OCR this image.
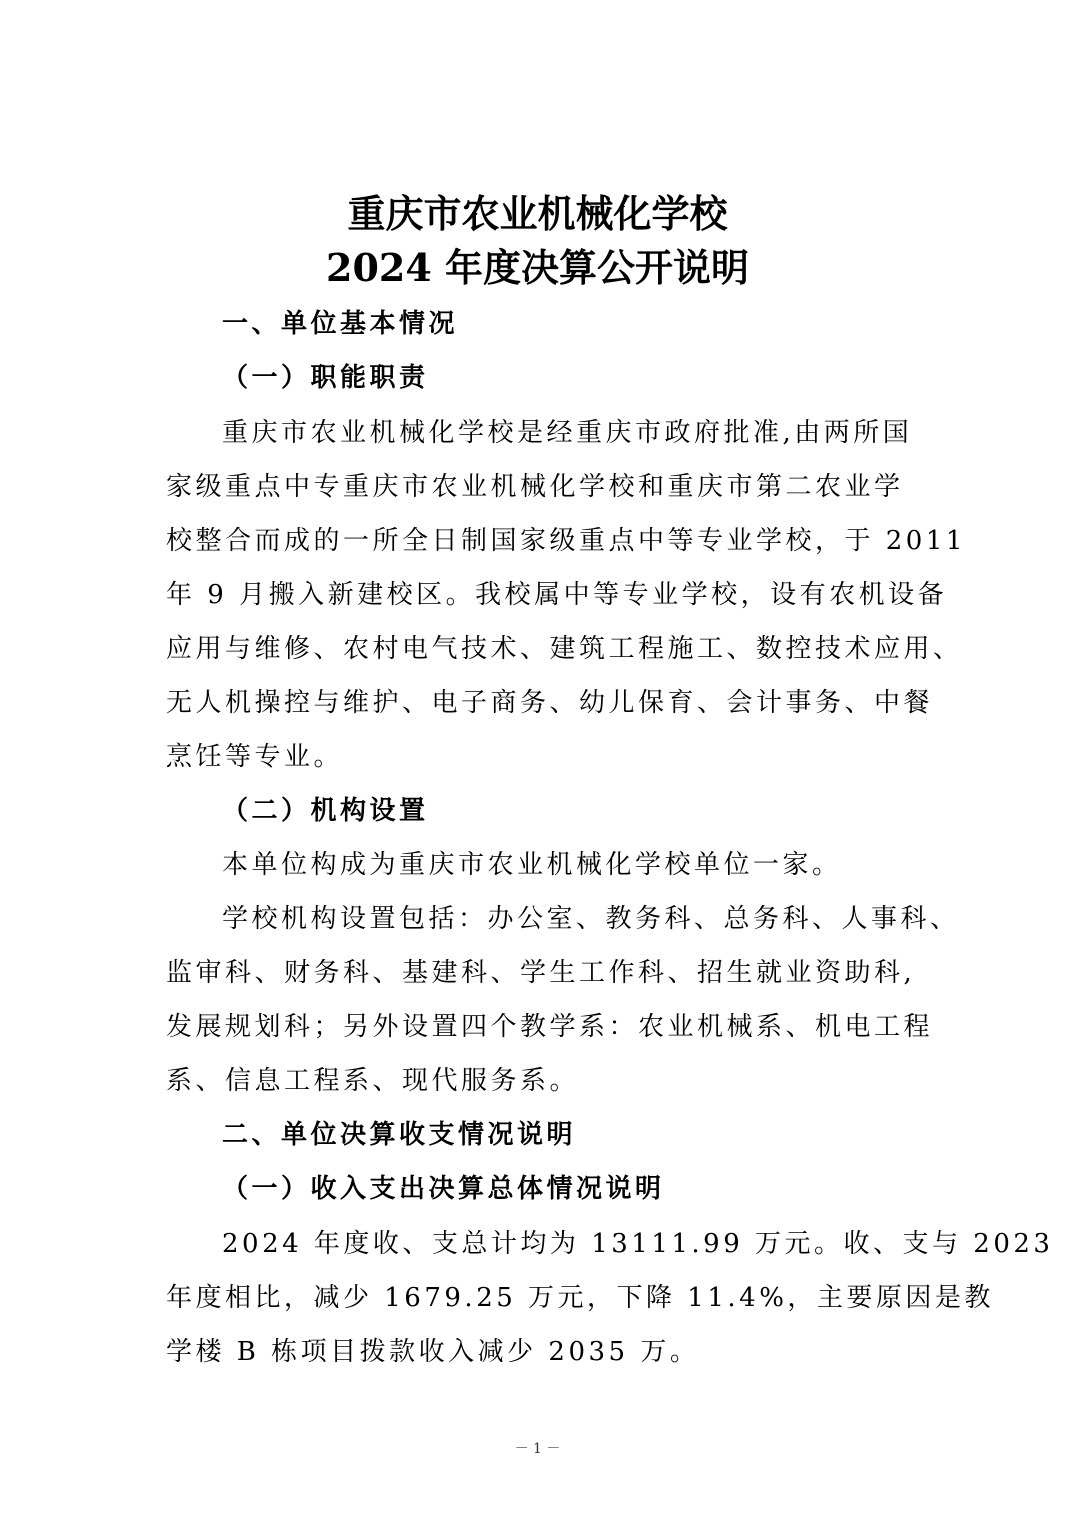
重庆市农业机械化学校
2024 年度决算公开说明
一、单位基本情况
（一）职能职责
重庆市农业机械化学校是经重庆市政府批准,由两所国
家级重点中专重庆市农业机械化学校和重庆市第二农业学
校整合而成的一所全日制国家级重点中等专业学校，于 2011
年 9 月搬入新建校区。我校属中等专业学校，设有农机设备
应用与维修、农村电气技术、建筑工程施工、数控技术应用、
无人机操控与维护、电子商务、幼儿保育、会计事务、中餐
烹饪等专业。
（二）机构设置
本单位构成为重庆市农业机械化学校单位一家。
学校机构设置包括：办公室、教务科、总务科、人事科、
监审科、财务科、基建科、学生工作科、招生就业资助科,
发展规划科；另外设置四个教学系：农业机械系、机电工程
系、信息工程系、现代服务系。
二、单位决算收支情况说明
（一）收入支出决算总体情况说明
2024 年度收、支总计均为 13111.99 万元。收、支与 2023
年度相比，减少 1679.25 万元，下降 11.4%，主要原因是教
学楼 B 栋项目拨款收入减少 2035 万。
－ 1 －
